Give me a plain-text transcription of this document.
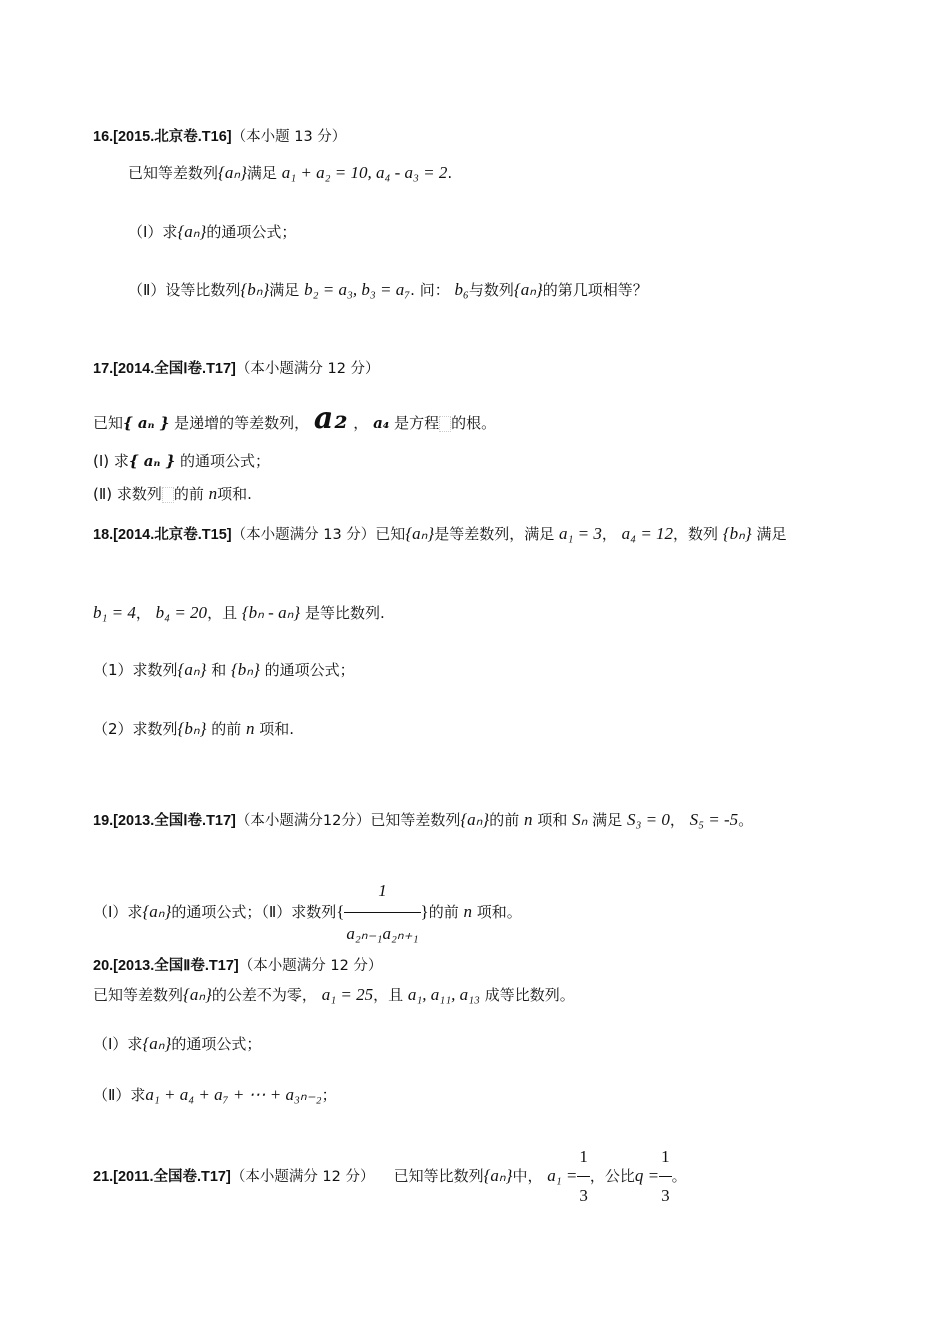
16.[2015.北京卷.T16]（本小题 13 分）
已知等差数列{aₙ}满足 a₁ + a₂ = 10, a₄ - a₃ = 2.
（Ⅰ）求{aₙ}的通项公式；
（Ⅱ）设等比数列{bₙ}满足 b₂ = a₃, b₃ = a₇. 问： b₆与数列{aₙ}的第几项相等？
17.[2014.全国Ⅰ卷.T17]（本小题满分 12 分）
已知{ aₙ } 是递增的等差数列， a₂ ， a₄ 是方程 的根。
(Ⅰ) 求{ aₙ } 的通项公式；
(Ⅱ) 求数列 的前 n项和.
18.[2014.北京卷.T15]（本小题满分 13 分）已知{aₙ}是等差数列，满足 a₁ = 3， a₄ = 12，数列 {bₙ} 满足
b₁ = 4， b₄ = 20，且 {bₙ - aₙ} 是等比数列.
（1）求数列{aₙ} 和 {bₙ} 的通项公式；
（2）求数列{bₙ} 的前 n 项和.
19.[2013.全国Ⅰ卷.T17]（本小题满分12分）已知等差数列{aₙ}的前 n 项和 Sₙ 满足 S₃ = 0， S₅ = -5。
（Ⅰ）求{aₙ}的通项公式；（Ⅱ）求数列{ $\frac{1}{\text{a₂ₙ₋₁a₂ₙ₊₁}}$ }的前 n 项和。
20.[2013.全国Ⅱ卷.T17]（本小题满分 12 分）
已知等差数列{aₙ}的公差不为零， a₁ = 25，且 a₁, a₁₁, a₁₃ 成等比数列。
（Ⅰ）求{aₙ}的通项公式；
（Ⅱ）求a₁ + a₄ + a₇ + ⋯ + a₃ₙ₋₂；
21.[2011.全国卷.T17]（本小题满分 12 分） 已知等比数列{aₙ}中， $a_1 = \frac{1}{3}$ ，公比$q = \frac{1}{3}$ 。
